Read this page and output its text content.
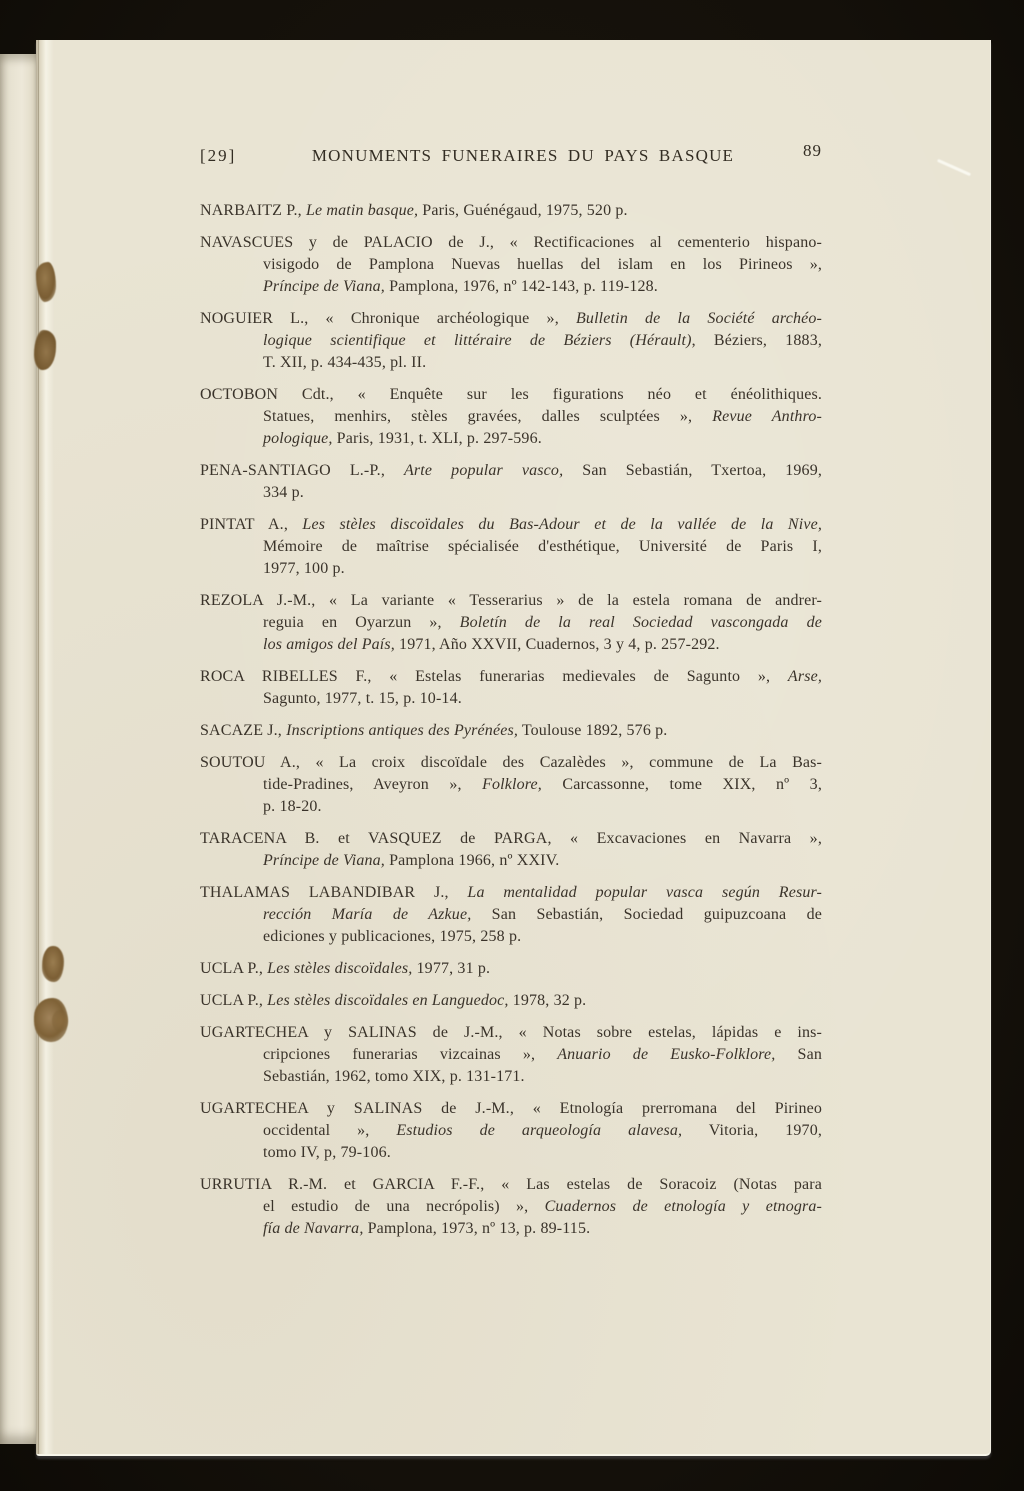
[29]	MONUMENTS FUNERAIRES DU PAYS BASQUE	89
NARBAITZ P., Le matin basque, Paris, Guénégaud, 1975, 520 p.
NAVASCUES y de PALACIO de J., « Rectificaciones al cementerio hispano-
visigodo de Pamplona Nuevas huellas del islam en los Pirineos »,
Príncipe de Viana, Pamplona, 1976, nº 142-143, p. 119-128.
NOGUIER L., « Chronique archéologique », Bulletin de la Société archéo-
logique scientifique et littéraire de Béziers (Hérault), Béziers, 1883,
T. XII, p. 434-435, pl. II.
OCTOBON Cdt., « Enquête sur les figurations néo et énéolithiques.
Statues, menhirs, stèles gravées, dalles sculptées », Revue Anthro-
pologique, Paris, 1931, t. XLI, p. 297-596.
PENA-SANTIAGO L.-P., Arte popular vasco, San Sebastián, Txertoa, 1969,
334 p.
PINTAT A., Les stèles discoïdales du Bas-Adour et de la vallée de la Nive,
Mémoire de maîtrise spécialisée d'esthétique, Université de Paris I,
1977, 100 p.
REZOLA J.-M., « La variante « Tesserarius » de la estela romana de andrer-
reguia en Oyarzun », Boletín de la real Sociedad vascongada de
los amigos del País, 1971, Año XXVII, Cuadernos, 3 y 4, p. 257-292.
ROCA RIBELLES F., « Estelas funerarias medievales de Sagunto », Arse,
Sagunto, 1977, t. 15, p. 10-14.
SACAZE J., Inscriptions antiques des Pyrénées, Toulouse 1892, 576 p.
SOUTOU A., « La croix discoïdale des Cazalèdes », commune de La Bas-
tide-Pradines, Aveyron », Folklore, Carcassonne, tome XIX, nº 3,
p. 18-20.
TARACENA B. et VASQUEZ de PARGA, « Excavaciones en Navarra »,
Príncipe de Viana, Pamplona 1966, nº XXIV.
THALAMAS LABANDIBAR J., La mentalidad popular vasca según Resur-
rección María de Azkue, San Sebastián, Sociedad guipuzcoana de
ediciones y publicaciones, 1975, 258 p.
UCLA P., Les stèles discoïdales, 1977, 31 p.
UCLA P., Les stèles discoïdales en Languedoc, 1978, 32 p.
UGARTECHEA y SALINAS de J.-M., « Notas sobre estelas, lápidas e ins-
cripciones funerarias vizcainas », Anuario de Eusko-Folklore, San
Sebastián, 1962, tomo XIX, p. 131-171.
UGARTECHEA y SALINAS de J.-M., « Etnología prerromana del Pirineo
occidental », Estudios de arqueología alavesa, Vitoria, 1970,
tomo IV, p, 79-106.
URRUTIA R.-M. et GARCIA F.-F., « Las estelas de Soracoiz (Notas para
el estudio de una necrópolis) », Cuadernos de etnología y etnogra-
fía de Navarra, Pamplona, 1973, nº 13, p. 89-115.
